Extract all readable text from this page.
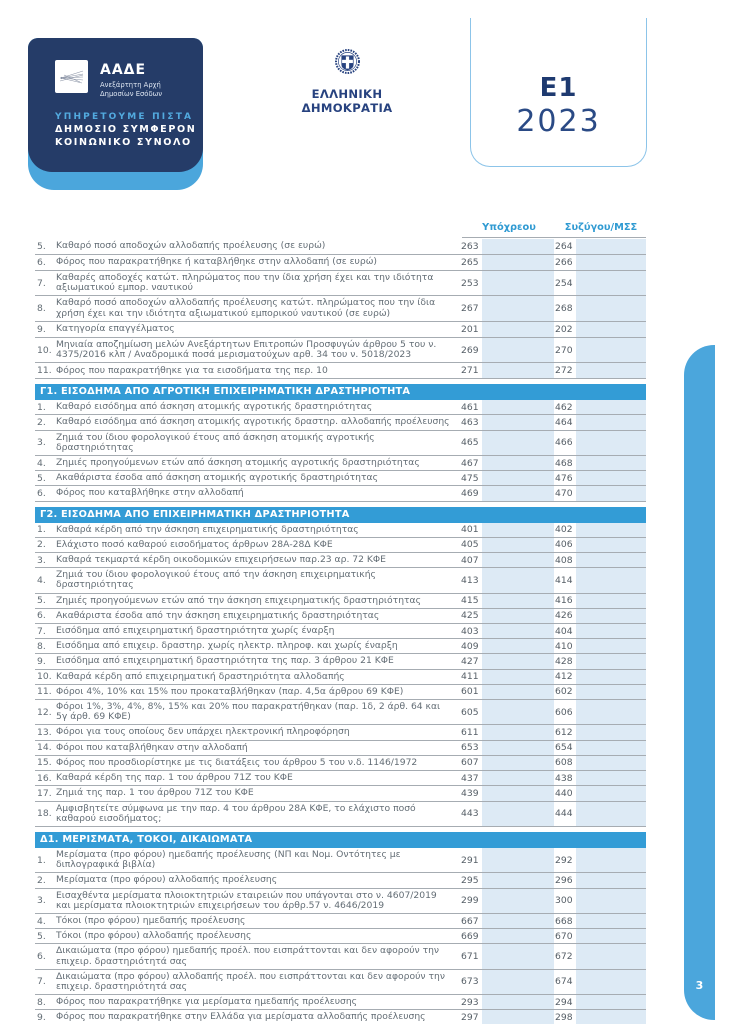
ΑΑΔΕ
Ανεξάρτητη Αρχή
Δημοσίων Εσόδων
ΥΠΗΡΕΤΟΥΜΕ ΠΙΣΤΑ
ΔΗΜΟΣΙΟ ΣΥΜΦΕΡΟΝ
ΚΟΙΝΩΝΙΚΟ ΣΥΝΟΛΟ
ΕΛΛΗΝΙΚΗ ΔΗΜΟΚΡΑΤΙΑ
E1
2023
Υπόχρεου	Συζύγου/ΜΣΣ
5.	Καθαρό ποσό αποδοχών αλλοδαπής προέλευσης (σε ευρώ)	263	264
6.	Φόρος που παρακρατήθηκε ή καταβλήθηκε στην αλλοδαπή (σε ευρώ)	265	266
7.
Καθαρές αποδοχές κατώτ. πληρώματος που την ίδια χρήση έχει και την ιδιότητα αξιωματικού εμπορ. ναυτικού	253	254
8.
Καθαρό ποσό αποδοχών αλλοδαπής προέλευσης κατώτ. πληρώματος που την ίδια χρήση έχει και την ιδιότητα αξιωματικού εμπορικού ναυτικού (σε ευρώ)	267	268
9.	Κατηγορία επαγγέλματος	201	202
10.
Μηνιαία αποζημίωση μελών Ανεξάρτητων Επιτροπών Προσφυγών άρθρου 5 του ν. 4375/2016 κλπ / Αναδρομικά ποσά μερισματούχων αρθ. 34 του ν. 5018/2023	269	270
11. Φόρος που παρακρατήθηκε για τα εισοδήματα της περ. 10	271	272
Γ1. ΕΙΣΟΔΗΜΑ ΑΠΟ ΑΓΡΟΤΙΚΗ ΕΠΙΧΕΙΡΗΜΑΤΙΚΗ ΔΡΑΣΤΗΡΙΟΤΗΤΑ
1.	Καθαρό εισόδημα από άσκηση ατομικής αγροτικής δραστηριότητας	461	462
2.	Καθαρό εισόδημα από άσκηση ατομικής αγροτικής δραστηρ. αλλοδαπής προέλευσης	463	464
3.
Ζημιά του ίδιου φορολογικού έτους από άσκηση ατομικής αγροτικής δραστηριότητας	465	466
4.	Ζημιές προηγούμενων ετών από άσκηση ατομικής αγροτικής δραστηριότητας	467	468
5.	Ακαθάριστα έσοδα από άσκηση ατομικής αγροτικής δραστηριότητας	475	476
6.	Φόρος που καταβλήθηκε στην αλλοδαπή	469	470
Γ2. ΕΙΣΟΔΗΜΑ ΑΠΟ ΕΠΙΧΕΙΡΗΜΑΤΙΚΗ ΔΡΑΣΤΗΡΙΟΤΗΤΑ
1.	Καθαρά κέρδη από την άσκηση επιχειρηματικής δραστηριότητας	401	402
2.	Ελάχιστο ποσό καθαρού εισοδήματος άρθρων 28Α-28Δ ΚΦΕ	405	406
3.	Καθαρά τεκμαρτά κέρδη οικοδομικών επιχειρήσεων παρ.23 αρ. 72 ΚΦΕ	407	408
4.
Ζημιά του ίδιου φορολογικού έτους από την άσκηση επιχειρηματικής δραστηριότητας	413	414
5.	Ζημιές προηγούμενων ετών από την άσκηση επιχειρηματικής δραστηριότητας	415	416
6.	Ακαθάριστα έσοδα από την άσκηση επιχειρηματικής δραστηριότητας	425	426
7.	Εισόδημα από επιχειρηματική δραστηριότητα χωρίς έναρξη	403	404
8.	Εισόδημα από επιχειρ. δραστηρ. χωρίς ηλεκτρ. πληροφ. και χωρίς έναρξη	409	410
9.	Εισόδημα από επιχειρηματική δραστηριότητα της παρ. 3 άρθρου 21 ΚΦΕ	427	428
10. Καθαρά κέρδη από επιχειρηματική δραστηριότητα αλλοδαπής	411	412
11. Φόροι 4%, 10% και 15% που προκαταβλήθηκαν (παρ. 4,5α άρθρου 69 ΚΦΕ)	601	602
12.
Φόροι 1%, 3%, 4%, 8%, 15% και 20% που παρακρατήθηκαν (παρ. 1δ, 2 άρθ. 64 και 5γ άρθ. 69 ΚΦΕ)	605	606
13. Φόροι για τους οποίους δεν υπάρχει ηλεκτρονική πληροφόρηση	611	612
14. Φόροι που καταβλήθηκαν στην αλλοδαπή	653	654
15. Φόρος που προσδιορίστηκε με τις διατάξεις του άρθρου 5 του ν.δ. 1146/1972	607	608
16. Καθαρά κέρδη της παρ. 1 του άρθρου 71Ζ του ΚΦΕ	437	438
17. Ζημιά της παρ. 1 του άρθρου 71Ζ του ΚΦΕ	439	440
18.
Αμφισβητείτε σύμφωνα με την παρ. 4 του άρθρου 28Α ΚΦΕ, το ελάχιστο ποσό καθαρού εισοδήματος;	443	444
Δ1. ΜΕΡΙΣΜΑΤΑ, ΤΟΚΟΙ, ΔΙΚΑΙΩΜΑΤΑ
1.
Μερίσματα (προ φόρου) ημεδαπής προέλευσης (ΝΠ και Νομ. Οντότητες με διπλογραφικά βιβλία)	291	292
2.	Μερίσματα (προ φόρου) αλλοδαπής προέλευσης	295	296
3.
Εισαχθέντα μερίσματα πλοιοκτητριών εταιρειών που υπάγονται στο ν. 4607/2019 και μερίσματα πλοιοκτητριών επιχειρήσεων του άρθρ.57 ν. 4646/2019	299	300
4.	Τόκοι (προ φόρου) ημεδαπής προέλευσης	667	668
5.	Τόκοι (προ φόρου) αλλοδαπής προέλευσης	669	670
6.
Δικαιώματα (προ φόρου) ημεδαπής προέλ. που εισπράττονται και δεν αφορούν την επιχειρ. δραστηριότητά σας	671	672
7.
Δικαιώματα (προ φόρου) αλλοδαπής προέλ. που εισπράττονται και δεν αφορούν την επιχειρ. δραστηριότητά σας	673	674
8.	Φόρος που παρακρατήθηκε για μερίσματα ημεδαπής προέλευσης	293	294
9.	Φόρος που παρακρατήθηκε στην Ελλάδα για μερίσματα αλλοδαπής προέλευσης	297	298
3
